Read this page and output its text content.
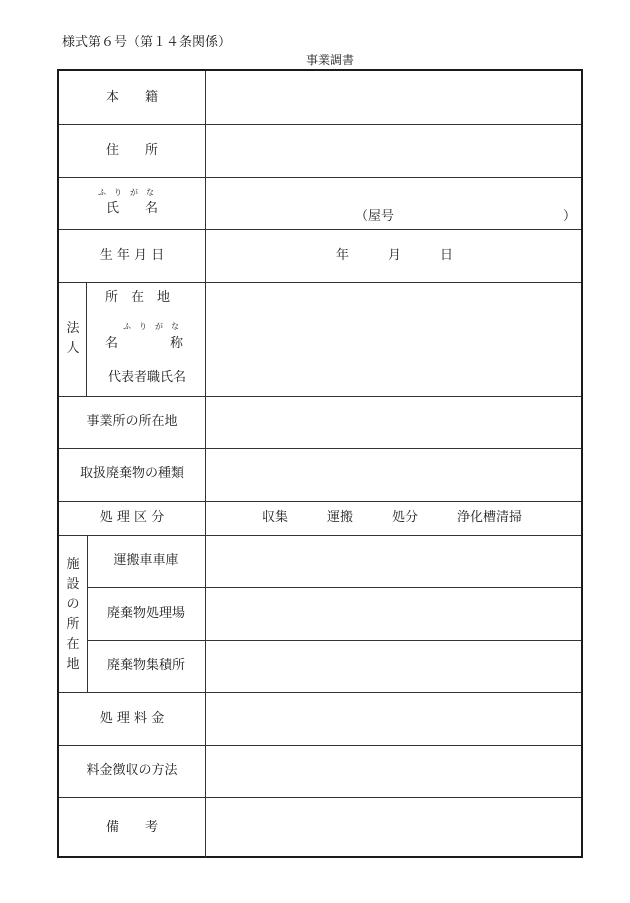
様式第６号（第１４条関係）
事業調書
本　　籍
住　　所
ふ　り　が　な
氏　　名
生 年 月 日
法人
所　在　地
ふ　り　が　な
名　　　　称
代表者職氏名
事業所の所在地
取扱廃棄物の種類
処 理 区 分
施設の所在地
運搬車車庫
廃棄物処理場
廃棄物集積所
処 理 料 金
料金徴収の方法
備　　考
（屋号　　　　　　　　　　　　　）
年　　　月　　　日
収集　　　運搬　　　処分　　　浄化槽清掃
